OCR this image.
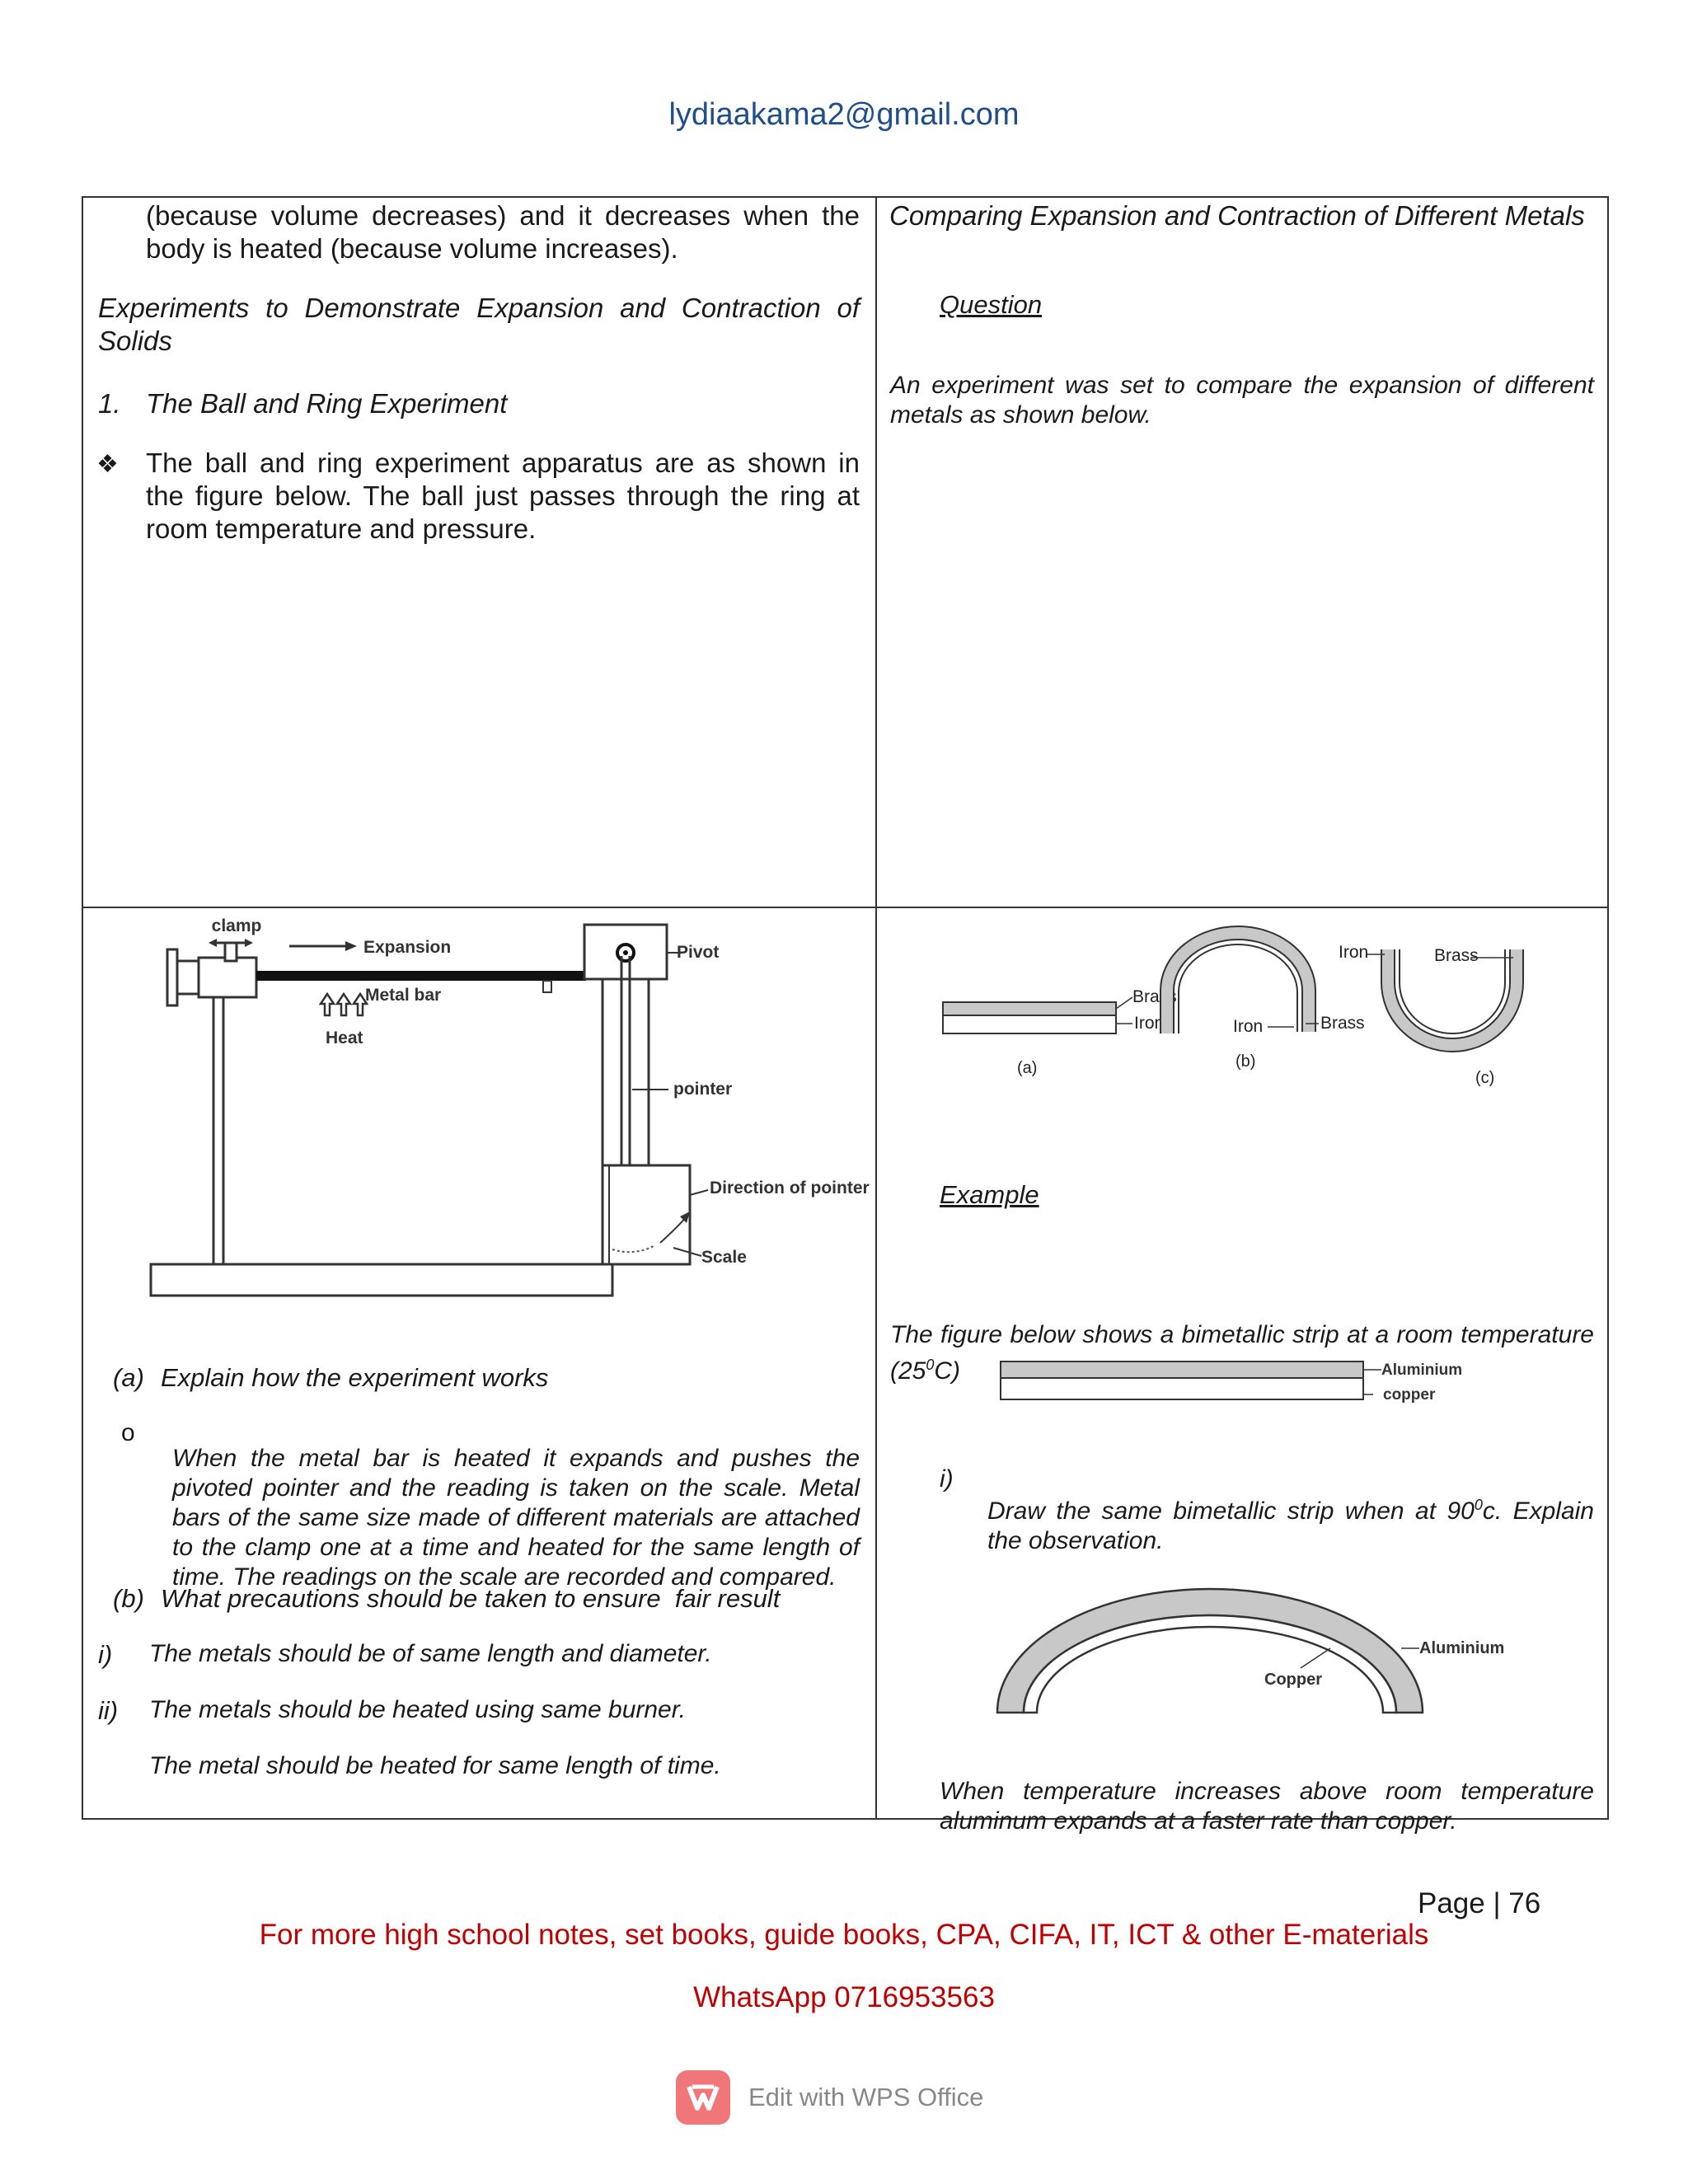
lydiaakama2@gmail.com

(because volume decreases) and it decreases when the body is heated (because volume increases).

Experiments to Demonstrate Expansion and Contraction of Solids

1. The Ball and Ring Experiment
❖ The ball and ring experiment apparatus are as shown in the figure below. The ball just passes through the ring at room temperature and pressure.

Comparing Expansion and Contraction of Different Metals

Question

An experiment was set to compare the expansion of different metals as shown below.

clamp
Expansion
Metal bar
Heat
Pivot
pointer
Direction of pointer
Scale
(a) Explain how the experiment works
o

When the metal bar is heated it expands and pushes the pivoted pointer and the reading is taken on the scale. Metal bars of the same size made of different materials are attached to the clamp one at a time and heated for the same length of time. The readings on the scale are recorded and compared.

(b) What precautions should be taken to ensure  fair result
i) The metals should be of same length and diameter.
ii) The metals should be heated using same burner.
The metal should be heated for same length of time.
Brass
Iron
(a)	(b)
Iron	Brass
Iron	Brass
(c)
Example

The figure below shows a bimetallic strip at a room temperature $(25^0C)$	Aluminium
copper
i)

Draw the same bimetallic strip when at $90^0c$. Explain the observation.

Aluminium
Copper

When temperature increases above room temperature aluminum expands at a faster rate than copper.

Page | 76
For more high school notes, set books, guide books, CPA, CIFA, IT, ICT & other E-materials
WhatsApp 0716953563
Edit with WPS Office
